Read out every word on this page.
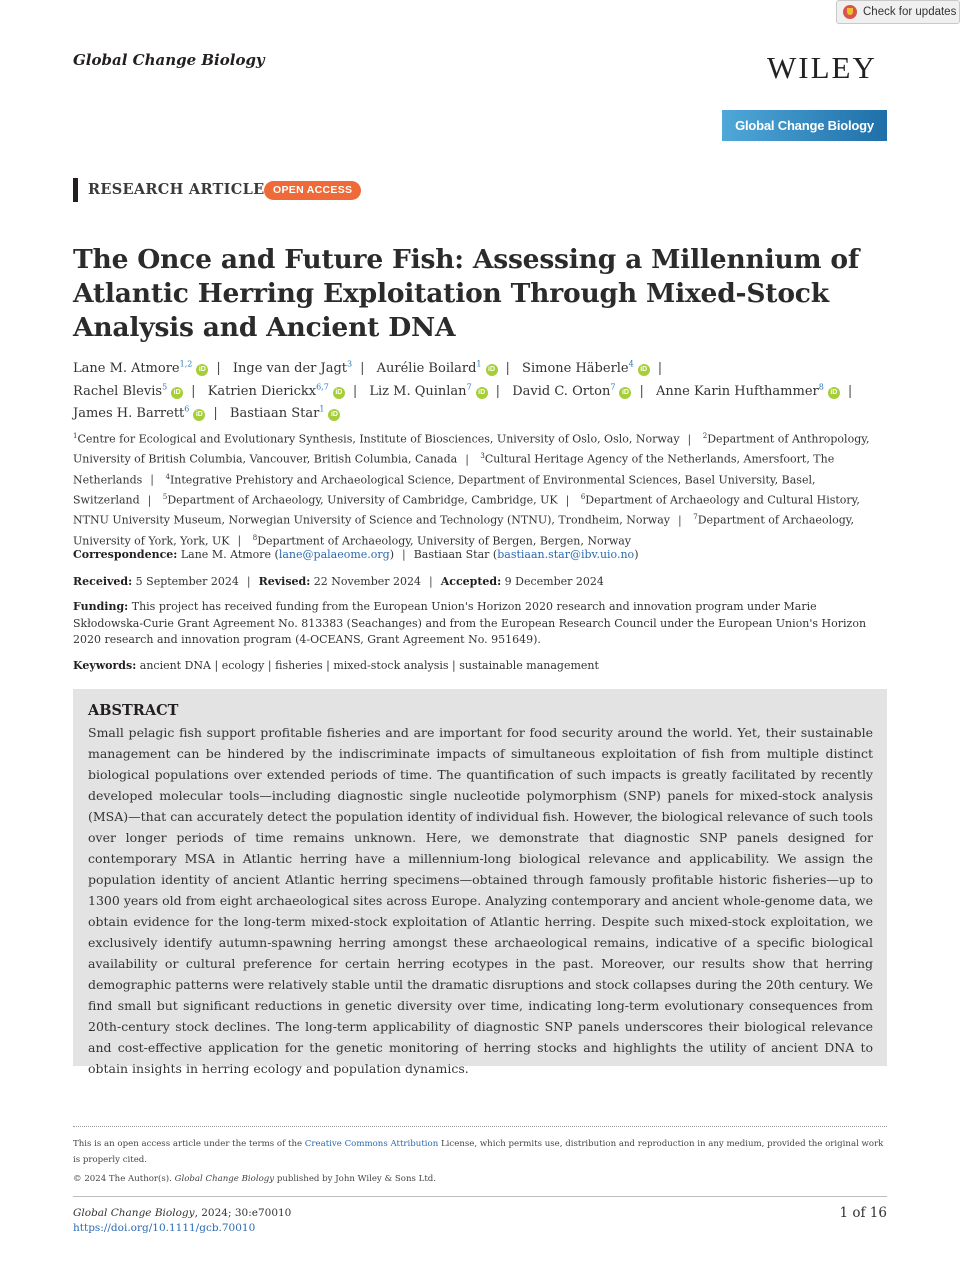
Check for updates
Global Change Biology	WILEY
Global Change Biology
RESEARCH ARTICLE OPEN ACCESS
The Once and Future Fish: Assessing a Millennium of Atlantic Herring Exploitation Through Mixed-Stock Analysis and Ancient DNA
Lane M. Atmore$^{1,2}$iD | Inge van der Jagt$^3$ | Aurélie Boilard$^1$iD | Simone Häberle$^4$iD |
Rachel Blevis$^5$iD | Katrien Dierickx$^{6,7}$iD | Liz M. Quinlan$^7$iD | David C. Orton$^7$iD | Anne Karin Hufthammer$^8$iD |
James H. Barrett$^6$iD | Bastiaan Star$^1$iD
$^1$Centre for Ecological and Evolutionary Synthesis, Institute of Biosciences, University of Oslo, Oslo, Norway | $^2$Department of Anthropology, University of British Columbia, Vancouver, British Columbia, Canada | $^3$Cultural Heritage Agency of the Netherlands, Amersfoort, The Netherlands | $^4$Integrative Prehistory and Archaeological Science, Department of Environmental Sciences, Basel University, Basel, Switzerland | $^5$Department of Archaeology, University of Cambridge, Cambridge, UK | $^6$Department of Archaeology and Cultural History, NTNU University Museum, Norwegian University of Science and Technology (NTNU), Trondheim, Norway | $^7$Department of Archaeology, University of York, York, UK | $^8$Department of Archaeology, University of Bergen, Bergen, Norway
Correspondence: Lane M. Atmore (lane@palaeome.org) | Bastiaan Star (bastiaan.star@ibv.uio.no)
Received: 5 September 2024 | Revised: 22 November 2024 | Accepted: 9 December 2024
Funding: This project has received funding from the European Union's Horizon 2020 research and innovation program under Marie Skłodowska-Curie Grant Agreement No. 813383 (Seachanges) and from the European Research Council under the European Union's Horizon 2020 research and innovation program (4-OCEANS, Grant Agreement No. 951649).
Keywords: ancient DNA | ecology | fisheries | mixed-stock analysis | sustainable management
ABSTRACT
Small pelagic fish support profitable fisheries and are important for food security around the world. Yet, their sustainable management can be hindered by the indiscriminate impacts of simultaneous exploitation of fish from multiple distinct biological populations over extended periods of time. The quantification of such impacts is greatly facilitated by recently developed molecular tools—including diagnostic single nucleotide polymorphism (SNP) panels for mixed-stock analysis (MSA)—that can accurately detect the population identity of individual fish. However, the biological relevance of such tools over longer periods of time remains unknown. Here, we demonstrate that diagnostic SNP panels designed for contemporary MSA in Atlantic herring have a millennium-long biological relevance and applicability. We assign the population identity of ancient Atlantic herring specimens—obtained through famously profitable historic fisheries—up to 1300 years old from eight archaeological sites across Europe. Analyzing contemporary and ancient whole-genome data, we obtain evidence for the long-term mixed-stock exploitation of Atlantic herring. Despite such mixed-stock exploitation, we exclusively identify autumn-spawning herring amongst these archaeological remains, indicative of a specific biological availability or cultural preference for certain herring ecotypes in the past. Moreover, our results show that herring demographic patterns were relatively stable until the dramatic disruptions and stock collapses during the 20th century. We find small but significant reductions in genetic diversity over time, indicating long-term evolutionary consequences from 20th-century stock declines. The long-term applicability of diagnostic SNP panels underscores their biological relevance and cost-effective application for the genetic monitoring of herring stocks and highlights the utility of ancient DNA to obtain insights in herring ecology and population dynamics.
This is an open access article under the terms of the Creative Commons Attribution License, which permits use, distribution and reproduction in any medium, provided the original work is properly cited.
© 2024 The Author(s). Global Change Biology published by John Wiley & Sons Ltd.
Global Change Biology, 2024; 30:e70010
https://doi.org/10.1111/gcb.70010
1 of 16
